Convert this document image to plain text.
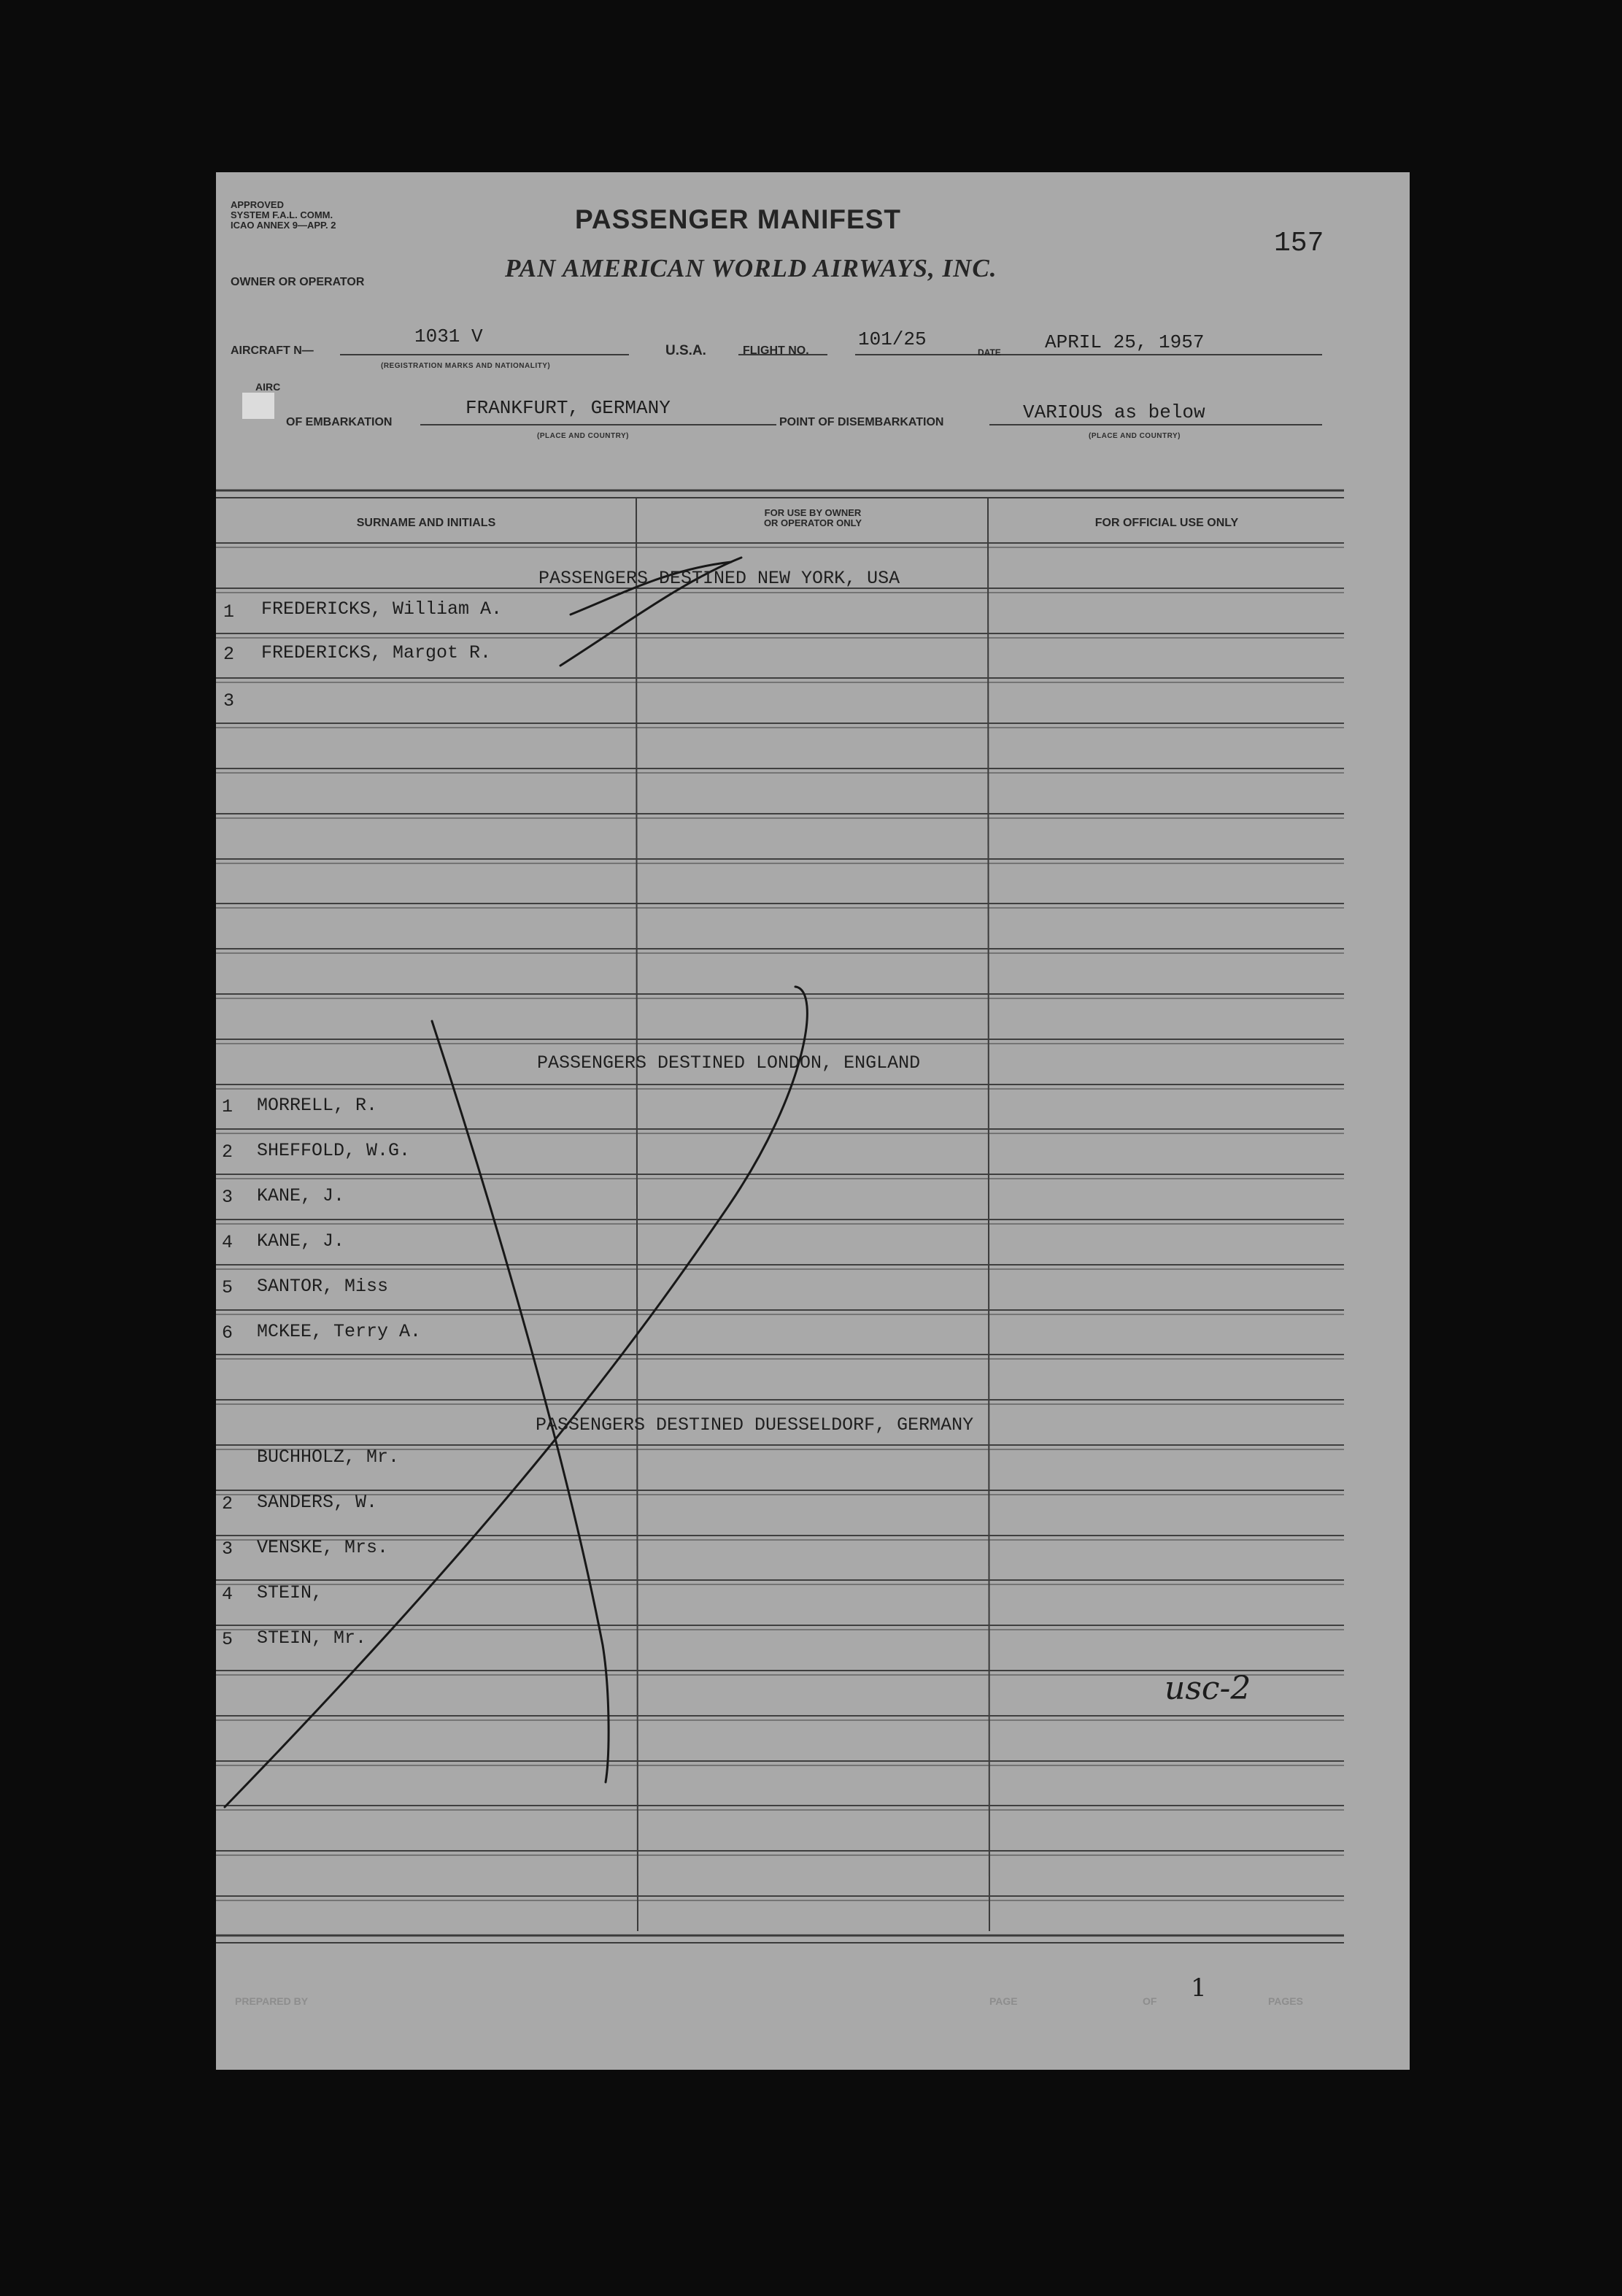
APPROVED
SYSTEM F.A.L. COMM.
ICAO ANNEX 9—APP. 2	PASSENGER MANIFEST
157
OWNER OR OPERATOR	PAN AMERICAN WORLD AIRWAYS, INC.
AIRCRAFT N—
1031 V
(REGISTRATION MARKS AND NATIONALITY)
U.S.A.	FLIGHT NO.
101/25
DATE APRIL 25, 1957
AIRC
OF EMBARKATION
FRANKFURT, GERMANY
(PLACE AND COUNTRY)
POINT OF DISEMBARKATION	VARIOUS as below
(PLACE AND COUNTRY)
SURNAME AND INITIALS
FOR USE BY OWNER
OR OPERATOR ONLY	FOR OFFICIAL USE ONLY
PASSENGERS DESTINED NEW YORK, USA
1 FREDERICKS, William A.
2 FREDERICKS, Margot R.
3
PASSENGERS DESTINED LONDON, ENGLAND
1 MORRELL, R.
2 SHEFFOLD, W.G.
3 KANE, J.
4 KANE, J.
5 SANTOR, Miss
6 MCKEE, Terry A.
PASSENGERS DESTINED DUESSELDORF, GERMANY
BUCHHOLZ, Mr.
2 SANDERS, W.
3 VENSKE, Mrs.
4 STEIN,
5 STEIN, Mr.
usc-2
PREPARED BY	PAGE	1
OF	PAGES
